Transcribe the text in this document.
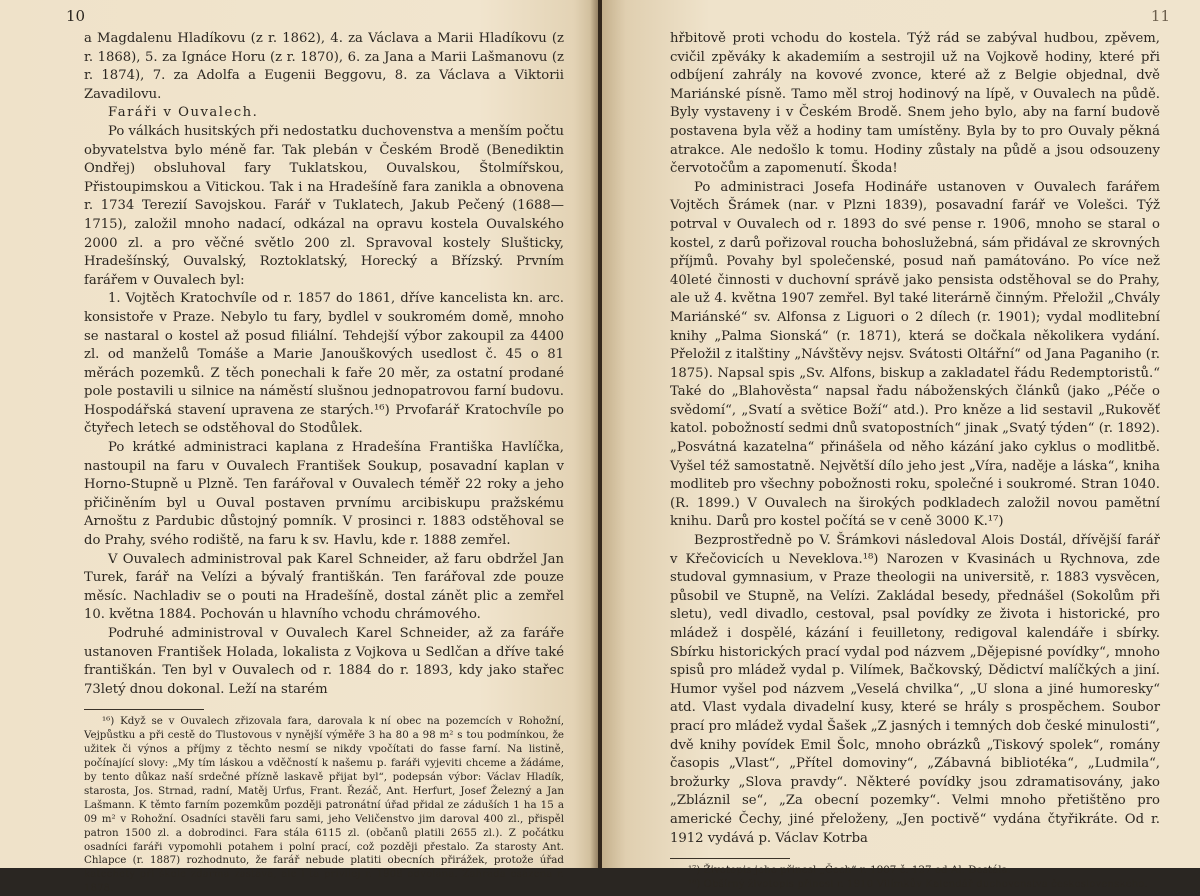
10

a Magdalenu Hladíkovu (z r. 1862), 4. za Václava a Marii Hladíkovu (z r. 1868), 5. za Ignáce Horu (z r. 1870), 6. za Jana a Marii Lašmanovu (z r. 1874), 7. za Adolfa a Eugenii Beggovu, 8. za Václava a Viktorii Zavadilovu.

Faráři v Ouvalech.

Po válkách husitských při nedostatku duchovenstva a menším počtu obyvatelstva bylo méně far. Tak plebán v Českém Brodě (Benediktin Ondřej) obsluhoval fary Tuklatskou, Ouvalskou, Štolmířskou, Přistoupimskou a Vitickou. Tak i na Hradešíně fara zanikla a obnovena r. 1734 Terezií Savojskou. Farář v Tuklatech, Jakub Pečený (1688—1715), založil mnoho nadací, odkázal na opravu kostela Ouvalského 2000 zl. a pro věčné světlo 200 zl. Spravoval kostely Slušticky, Hradešínský, Ouvalský, Roztoklatský, Horecký a Břízský. Prvním farářem v Ouvalech byl:

1. Vojtěch Kratochvíle od r. 1857 do 1861, dříve kancelista kn. arc. konsistoře v Praze. Nebylo tu fary, bydlel v soukromém domě, mnoho se nastaral o kostel až posud filiální. Tehdejší výbor zakoupil za 4400 zl. od manželů Tomáše a Marie Janouškových usedlost č. 45 o 81 měrách pozemků. Z těch ponechali k faře 20 měr, za ostatní prodané pole postavili u silnice na náměstí slušnou jednopatrovou farní budovu. Hospodářská stavení upravena ze starých.¹⁶) Prvofarář Kratochvíle po čtyřech letech se odstěhoval do Stodůlek.

Po krátké administraci kaplana z Hradešína Františka Havlíčka, nastoupil na faru v Ouvalech František Soukup, posavadní kaplan v Horno-Stupně u Plzně. Ten farářoval v Ouvalech téměř 22 roky a jeho přičiněním byl u Ouval postaven prvnímu arcibiskupu pražskému Arnoštu z Pardubic důstojný pomník. V prosinci r. 1883 odstěhoval se do Prahy, svého rodiště, na faru k sv. Havlu, kde r. 1888 zemřel.

V Ouvalech administroval pak Karel Schneider, až faru obdržel Jan Turek, farář na Velízi a bývalý františkán. Ten farářoval zde pouze měsíc. Nachladiv se o pouti na Hradešíně, dostal zánět plic a zemřel 10. května 1884. Pochován u hlavního vchodu chrámového.

Podruhé administroval v Ouvalech Karel Schneider, až za faráře ustanoven František Holada, lokalista z Vojkova u Sedlčan a dříve také františkán. Ten byl v Ouvalech od r. 1884 do r. 1893, kdy jako stařec 73letý dnou dokonal. Leží na starém

¹⁶) Když se v Ouvalech zřizovala fara, darovala k ní obec na pozemcích v Rohožní, Vejpůstku a při cestě do Tlustovous v nynější výměře 3 ha 80 a 98 m² s tou podmínkou, že užitek či výnos a příjmy z těchto nesmí se nikdy vpočítati do fasse farní. Na listině, počínající slovy: „My tím láskou a vděčností k našemu p. faráři vyjeviti chceme a žádáme, by tento důkaz naší srdečné přízně laskavě přijat byl“, podepsán výbor: Václav Hladík, starosta, Jos. Strnad, radní, Matěj Urfus, Frant. Řezáč, Ant. Herfurt, Josef Železný a Jan Lašmann. K těmto farním pozemkům později patronátní úřad přidal ze záduších 1 ha 15 a 09 m² v Rohožní. Osadníci stavěli faru sami, jeho Veličenstvo jim daroval 400 zl., přispěl patron 1500 zl. a dobrodinci. Fara stála 6115 zl. (občanů platili 2655 zl.). Z počátku osadníci faráři vypomohli potahem i polní prací, což později přestalo. Za starosty Ant. Chlapce (r. 1887) rozhodnuto, že farář nebude platiti obecních přirážek, protože úřad katechety při škole zdarma zastává, ale i ta privilej r. 1908 odvolána. Zahrada osázena r. 1878.

11

hřbitově proti vchodu do kostela. Týž rád se zabýval hudbou, zpěvem, cvičil zpěváky k akademiím a sestrojil už na Vojkově hodiny, které při odbíjení zahrály na kovové zvonce, které až z Belgie objednal, dvě Mariánské písně. Tamo měl stroj hodinový na lípě, v Ouvalech na půdě. Byly vystaveny i v Českém Brodě. Snem jeho bylo, aby na farní budově postavena byla věž a hodiny tam umístěny. Byla by to pro Ouvaly pěkná atrakce. Ale nedošlo k tomu. Hodiny zůstaly na půdě a jsou odsouzeny červotočům a zapomenutí. Škoda!

Po administraci Josefa Hodináře ustanoven v Ouvalech farářem Vojtěch Šrámek (nar. v Plzni 1839), posavadní farář ve Volešci. Týž potrval v Ouvalech od r. 1893 do své pense r. 1906, mnoho se staral o kostel, z darů pořizoval roucha bohoslužebná, sám přidával ze skrovných příjmů. Povahy byl společenské, posud naň památováno. Po více než 40leté činnosti v duchovní správě jako pensista odstěhoval se do Prahy, ale už 4. května 1907 zemřel. Byl také literárně činným. Přeložil „Chvály Mariánské“ sv. Alfonsa z Liguori o 2 dílech (r. 1901); vydal modlitební knihy „Palma Sionská“ (r. 1871), která se dočkala několikera vydání. Přeložil z italštiny „Návštěvy nejsv. Svátosti Oltářní“ od Jana Paganiho (r. 1875). Napsal spis „Sv. Alfons, biskup a zakladatel řádu Redemptoristů.“ Také do „Blahověsta“ napsal řadu náboženských článků (jako „Péče o svědomí“, „Svatí a světice Boží“ atd.). Pro kněze a lid sestavil „Rukověť katol. pobožností sedmi dnů svatopostních“ jinak „Svatý týden“ (r. 1892). „Posvátná kazatelna“ přinášela od něho kázání jako cyklus o modlitbě. Vyšel též samostatně. Největší dílo jeho jest „Víra, naděje a láska“, kniha modliteb pro všechny pobožnosti roku, společné i soukromé. Stran 1040. (R. 1899.) V Ouvalech na širokých podkladech založil novou pamětní knihu. Darů pro kostel počítá se v ceně 3000 K.¹⁷)

Bezprostředně po V. Šrámkovi následoval Alois Dostál, dřívější farář v Křečovicích u Neveklova.¹⁸) Narozen v Kvasinách u Rychnova, zde studoval gymnasium, v Praze theologii na universitě, r. 1883 vysvěcen, působil ve Stupně, na Velízi. Zakládal besedy, přednášel (Sokolům při sletu), vedl divadlo, cestoval, psal povídky ze života i historické, pro mládež i dospělé, kázání i feuilletony, redigoval kalendáře i sbírky. Sbírku historických prací vydal pod názvem „Dějepisné povídky“, mnoho spisů pro mládež vydal p. Vilímek, Bačkovský, Dědictví malíčkých a jiní. Humor vyšel pod názvem „Veselá chvilka“, „U slona a jiné humoresky“ atd. Vlast vydala divadelní kusy, které se hrály s prospěchem. Soubor prací pro mládež vydal Šašek „Z jasných i temných dob české minulosti“, dvě knihy povídek Emil Šolc, mnoho obrázků „Tiskový spolek“, romány časopis „Vlast“, „Přítel domoviny“, „Zábavná bibliotéka“, „Ludmila“, brožurky „Slova pravdy“. Některé povídky jsou zdramatisovány, jako „Zbláznil se“, „Za obecní pozemky“. Velmi mnoho přetištěno pro americké Čechy, jiné přeloženy, „Jen poctivě“ vydána čtyřikráte. Od r. 1912 vydává p. Václav Kotrba

¹⁷) Životopis jeho přinesl „Čech“ r. 1907 č. 127 od Al. Dostála.

¹⁸) Obšírný životopis přinesl r. 1910 Vilímkův Kalendář duchovenstva československého.
